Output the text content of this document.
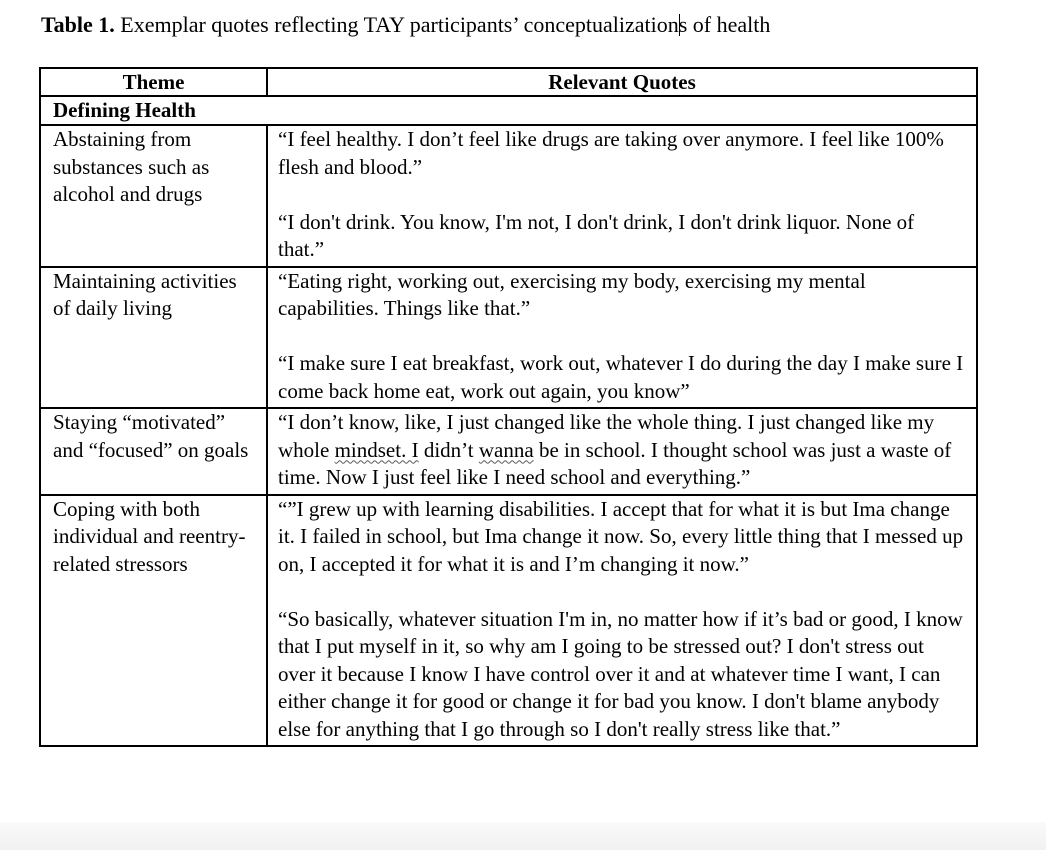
Table 1. Exemplar quotes reflecting TAY participants’ conceptualizations of health
Theme	Relevant Quotes
Defining Health	
Abstaining from substances such as alcohol and drugs	“I feel healthy. I don’t feel like drugs are taking over anymore. I feel like 100% flesh and blood.”

“I don't drink. You know, I'm not, I don't drink, I don't drink liquor. None of that.”

Maintaining activities of daily living	“Eating right, working out, exercising my body, exercising my mental capabilities. Things like that.”

“I make sure I eat breakfast, work out, whatever I do during the day I make sure I come back home eat, work out again, you know”

Staying “motivated” and “focused” on goals	“I don’t know, like, I just changed like the whole thing. I just changed like my whole mindset. I didn’t wanna be in school. I thought school was just a waste of time. Now I just feel like I need school and everything.”

Coping with both individual and reentry-related stressors	“”I grew up with learning disabilities. I accept that for what it is but Ima change it. I failed in school, but Ima change it now. So, every little thing that I messed up on, I accepted it for what it is and I’m changing it now.”

“So basically, whatever situation I'm in, no matter how if it’s bad or good, I know that I put myself in it, so why am I going to be stressed out? I don't stress out over it because I know I have control over it and at whatever time I want, I can either change it for good or change it for bad you know. I don't blame anybody else for anything that I go through so I don't really stress like that.”
